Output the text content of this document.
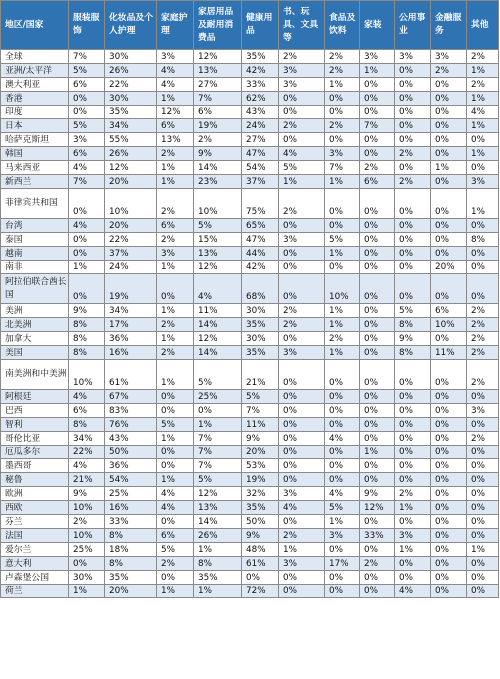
地区/国家	服装服饰	化妆品及个人护理	家庭护理	家居用品及耐用消费品	健康用品	书、玩具、文具等	食品及饮料	家装	公用事业	金融服务	其他
全球	7%	30%	3%	12%	35%	2%	2%	3%	3%	3%	2%
亚洲/太平洋	5%	26%	4%	13%	42%	3%	2%	1%	0%	2%	1%
澳大利亚	6%	22%	4%	27%	33%	3%	1%	0%	0%	0%	2%
香港	0%	30%	1%	7%	62%	0%	0%	0%	0%	0%	1%
印度	0%	35%	12%	6%	43%	0%	0%	0%	0%	0%	4%
日本	5%	34%	6%	19%	24%	2%	2%	7%	0%	0%	1%
哈萨克斯坦	3%	55%	13%	2%	27%	0%	0%	0%	0%	0%	0%
韩国	6%	26%	2%	9%	47%	4%	3%	0%	2%	0%	1%
马来西亚	4%	12%	1%	14%	54%	5%	7%	2%	0%	1%	0%
新西兰	7%	20%	1%	23%	37%	1%	1%	6%	2%	0%	3%
菲律宾共和国	0%	10%	2%	10%	75%	2%	0%	0%	0%	0%	1%
台湾	4%	20%	6%	5%	65%	0%	0%	0%	0%	0%	0%
泰国	0%	22%	2%	15%	47%	3%	5%	0%	0%	0%	8%
越南	0%	37%	3%	13%	44%	0%	1%	0%	0%	0%	0%
南非	1%	24%	1%	12%	42%	0%	0%	0%	0%	20%	0%
阿拉伯联合酋长国	0%	19%	0%	4%	68%	0%	10%	0%	0%	0%	0%
美洲	9%	34%	1%	11%	30%	2%	1%	0%	5%	6%	2%
北美洲	8%	17%	2%	14%	35%	2%	1%	0%	8%	10%	2%
加拿大	8%	36%	1%	12%	30%	0%	2%	0%	9%	0%	2%
美国	8%	16%	2%	14%	35%	3%	1%	0%	8%	11%	2%
南美洲和中美洲	10%	61%	1%	5%	21%	0%	0%	0%	0%	0%	2%
阿根廷	4%	67%	0%	25%	5%	0%	0%	0%	0%	0%	0%
巴西	6%	83%	0%	0%	7%	0%	0%	0%	0%	0%	3%
智利	8%	76%	5%	1%	11%	0%	0%	0%	0%	0%	0%
哥伦比亚	34%	43%	1%	7%	9%	0%	4%	0%	0%	0%	2%
厄瓜多尔	22%	50%	0%	7%	20%	0%	0%	1%	0%	0%	0%
墨西哥	4%	36%	0%	7%	53%	0%	0%	0%	0%	0%	0%
秘鲁	21%	54%	1%	5%	19%	0%	0%	0%	0%	0%	0%
欧洲	9%	25%	4%	12%	32%	3%	4%	9%	2%	0%	0%
西欧	10%	16%	4%	13%	35%	4%	5%	12%	1%	0%	0%
芬兰	2%	33%	0%	14%	50%	0%	1%	0%	0%	0%	0%
法国	10%	8%	6%	26%	9%	2%	3%	33%	3%	0%	0%
爱尔兰	25%	18%	5%	1%	48%	1%	0%	0%	1%	0%	1%
意大利	0%	8%	2%	8%	61%	3%	17%	2%	0%	0%	0%
卢森堡公国	30%	35%	0%	35%	0%	0%	0%	0%	0%	0%	0%
荷兰	1%	20%	1%	1%	72%	0%	0%	0%	4%	0%	0%
